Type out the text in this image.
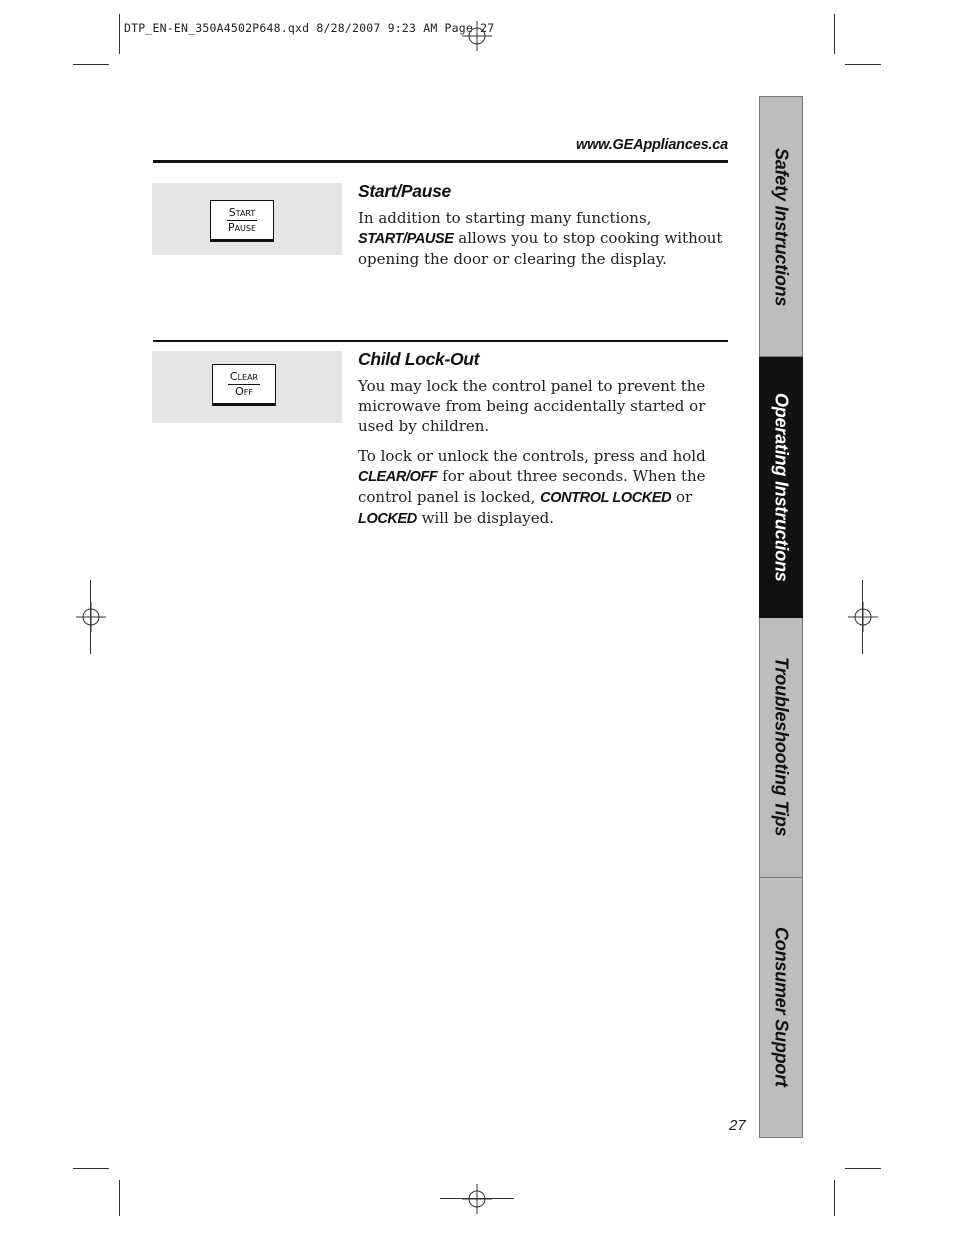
DTP_EN-EN_350A4502P648.qxd 8/28/2007 9:23 AM Page 27
www.GEAppliances.ca
Start
Pause
Start/Pause

In addition to starting many functions,
START/PAUSE allows you to stop cooking without opening the door or clearing the display.

Clear
Off
Child Lock-Out

You may lock the control panel to prevent the microwave from being accidentally started or used by children.

To lock or unlock the controls, press and hold CLEAR/OFF for about three seconds. When the control panel is locked, CONTROL LOCKED or
LOCKED will be displayed.

Safety Instructions
Operating Instructions
Troubleshooting Tips
Consumer Support
27
